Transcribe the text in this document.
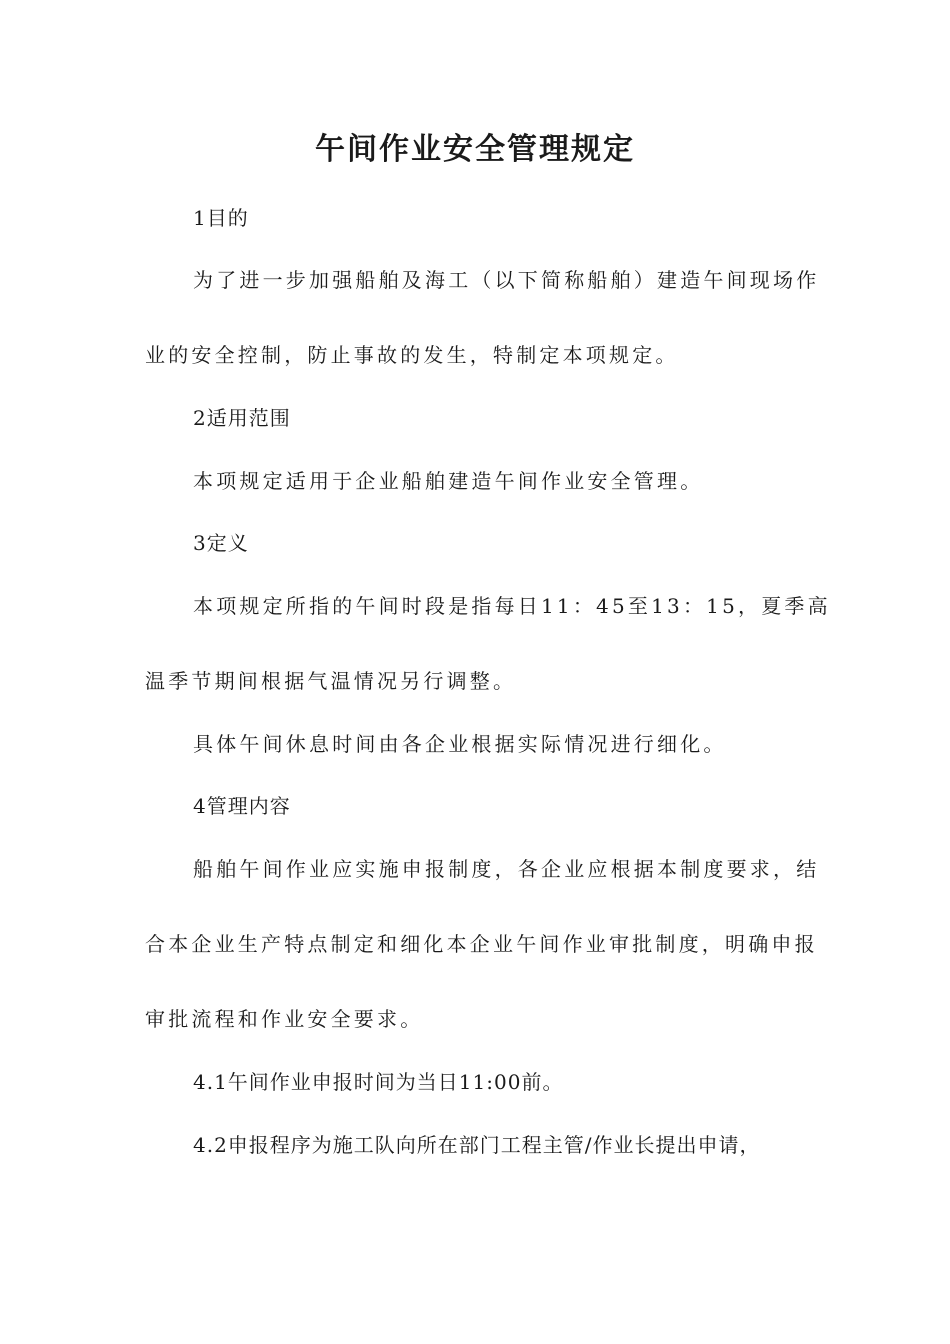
午间作业安全管理规定

1目的

为了进一步加强船舶及海工（以下简称船舶）建造午间现场作

业的安全控制，防止事故的发生，特制定本项规定。

2适用范围

本项规定适用于企业船舶建造午间作业安全管理。

3定义

本项规定所指的午间时段是指每日11：45至13：15，夏季高

温季节期间根据气温情况另行调整。

具体午间休息时间由各企业根据实际情况进行细化。

4管理内容

船舶午间作业应实施申报制度，各企业应根据本制度要求，结

合本企业生产特点制定和细化本企业午间作业审批制度，明确申报

审批流程和作业安全要求。

4.1午间作业申报时间为当日11:00前。

4.2申报程序为施工队向所在部门工程主管/作业长提出申请，
